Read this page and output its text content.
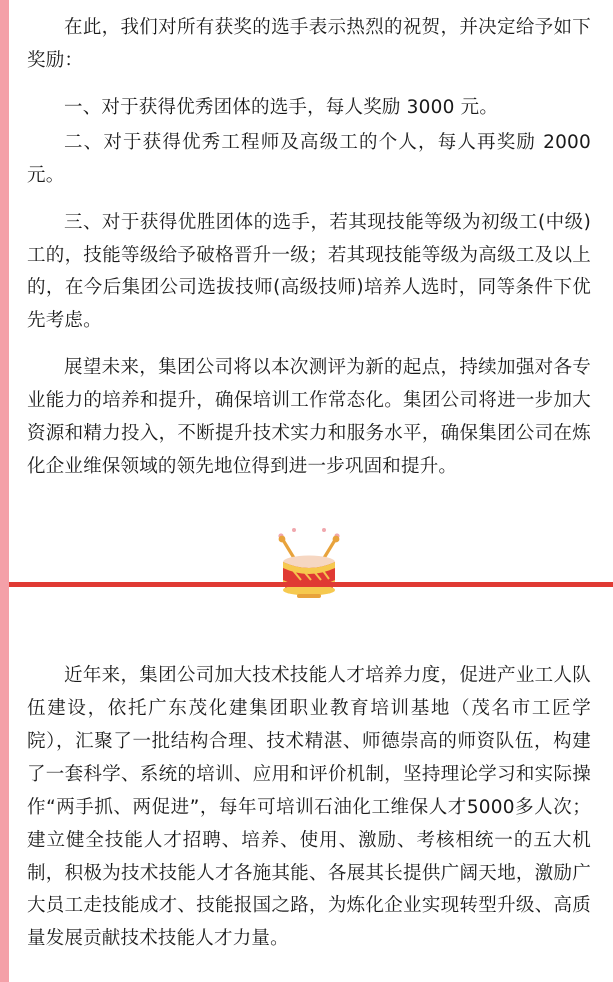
在此，我们对所有获奖的选手表示热烈的祝贺，并决定给予如下奖励：

一、对于获得优秀团体的选手，每人奖励 3000 元。

二、对于获得优秀工程师及高级工的个人，每人再奖励 2000 元。

三、对于获得优胜团体的选手，若其现技能等级为初级工(中级)工的，技能等级给予破格晋升一级；若其现技能等级为高级工及以上的，在今后集团公司选拔技师(高级技师)培养人选时，同等条件下优先考虑。

展望未来，集团公司将以本次测评为新的起点，持续加强对各专业能力的培养和提升，确保培训工作常态化。集团公司将进一步加大资源和精力投入，不断提升技术实力和服务水平，确保集团公司在炼化企业维保领域的领先地位得到进一步巩固和提升。

近年来，集团公司加大技术技能人才培养力度，促进产业工人队伍建设，依托广东茂化建集团职业教育培训基地（茂名市工匠学院），汇聚了一批结构合理、技术精湛、师德崇高的师资队伍，构建了一套科学、系统的培训、应用和评价机制，坚持理论学习和实际操作“两手抓、两促进”，每年可培训石油化工维保人才5000多人次；建立健全技能人才招聘、培养、使用、激励、考核相统一的五大机制，积极为技术技能人才各施其能、各展其长提供广阔天地，激励广大员工走技能成才、技能报国之路，为炼化企业实现转型升级、高质量发展贡献技术技能人才力量。
